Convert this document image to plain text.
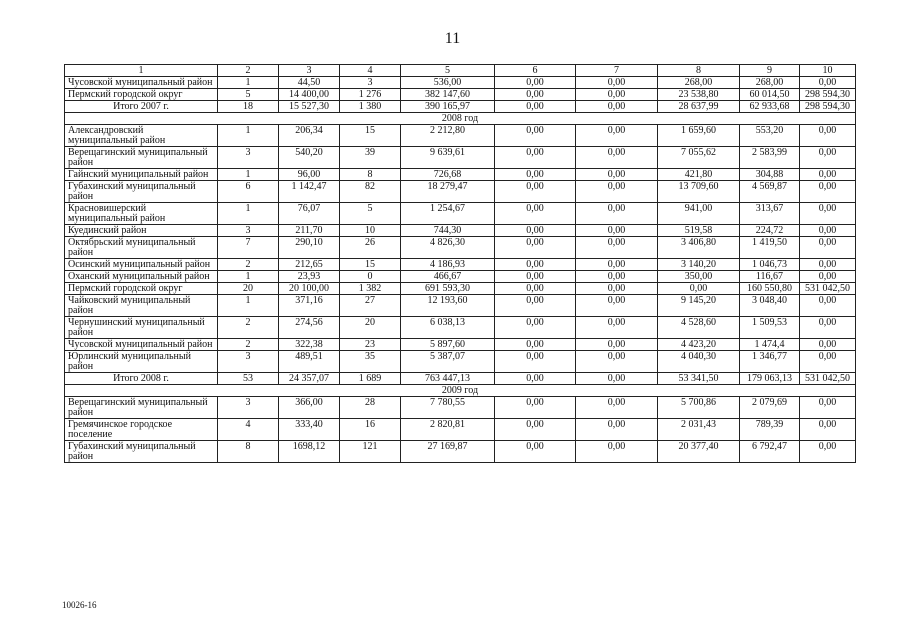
11
1	2	3	4	5	6	7	8	9	10
Чусовской муниципальный район	1	44,50	3	536,00	0,00	0,00	268,00	268,00	0,00
Пермский городской округ	5	14 400,00	1 276	382 147,60	0,00	0,00	23 538,80	60 014,50	298 594,30
Итого 2007 г.	18	15 527,30	1 380	390 165,97	0,00	0,00	28 637,99	62 933,68	298 594,30
2008 год									
Александровский муниципальный район	1	206,34	15	2 212,80	0,00	0,00	1 659,60	553,20	0,00
Верещагинский муниципальный район	3	540,20	39	9 639,61	0,00	0,00	7 055,62	2 583,99	0,00
Гайнский муниципальный район	1	96,00	8	726,68	0,00	0,00	421,80	304,88	0,00
Губахинский муниципальный район	6	1 142,47	82	18 279,47	0,00	0,00	13 709,60	4 569,87	0,00
Красновишерский муниципальный район	1	76,07	5	1 254,67	0,00	0,00	941,00	313,67	0,00
Куединский район	3	211,70	10	744,30	0,00	0,00	519,58	224,72	0,00
Октябрьский муниципальный район	7	290,10	26	4 826,30	0,00	0,00	3 406,80	1 419,50	0,00
Осинский муниципальный район	2	212,65	15	4 186,93	0,00	0,00	3 140,20	1 046,73	0,00
Оханский муниципальный район	1	23,93	0	466,67	0,00	0,00	350,00	116,67	0,00
Пермский городской округ	20	20 100,00	1 382	691 593,30	0,00	0,00	0,00	160 550,80	531 042,50
Чайковский муниципальный район	1	371,16	27	12 193,60	0,00	0,00	9 145,20	3 048,40	0,00
Чернушинский муниципальный район	2	274,56	20	6 038,13	0,00	0,00	4 528,60	1 509,53	0,00
Чусовской муниципальный район	2	322,38	23	5 897,60	0,00	0,00	4 423,20	1 474,4	0,00
Юрлинский муниципальный район	3	489,51	35	5 387,07	0,00	0,00	4 040,30	1 346,77	0,00
Итого 2008 г.	53	24 357,07	1 689	763 447,13	0,00	0,00	53 341,50	179 063,13	531 042,50
2009 год									
Верещагинский муниципальный район	3	366,00	28	7 780,55	0,00	0,00	5 700,86	2 079,69	0,00
Гремячинское городское поселение	4	333,40	16	2 820,81	0,00	0,00	2 031,43	789,39	0,00
Губахинский муниципальный район	8	1698,12	121	27 169,87	0,00	0,00	20 377,40	6 792,47	0,00
10026-16
